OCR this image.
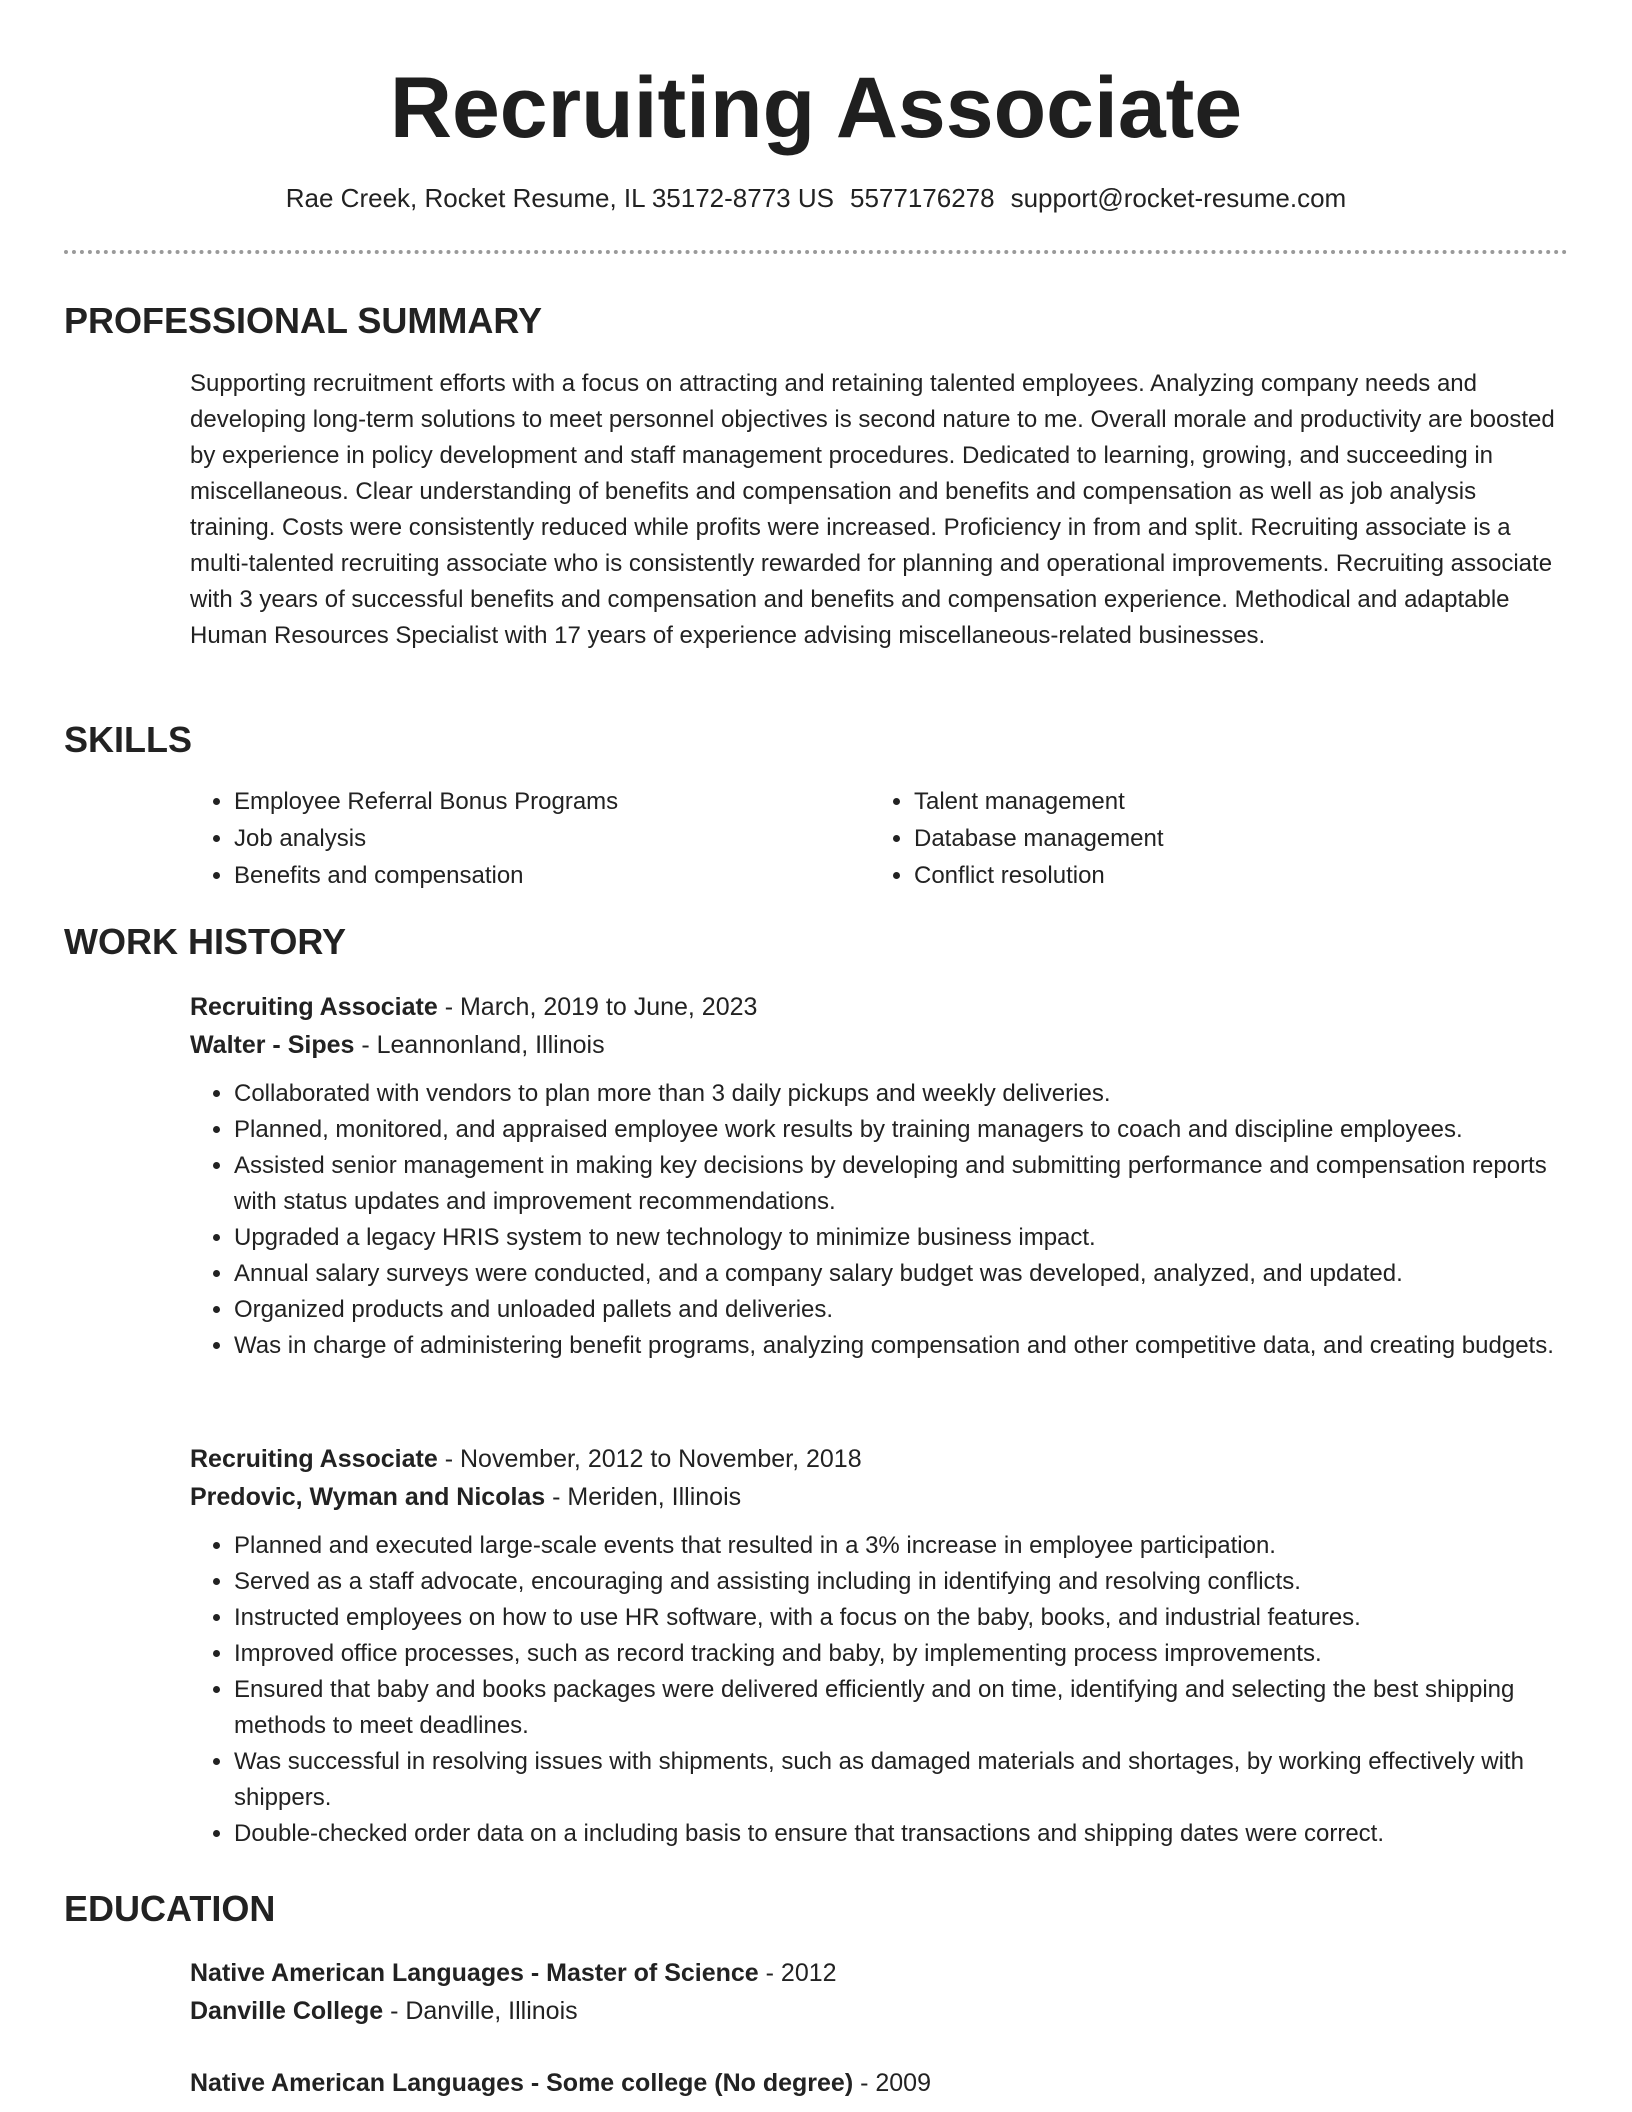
Recruiting Associate
Rae Creek, Rocket Resume, IL 35172-8773 US 5577176278 support@rocket-resume.com
PROFESSIONAL SUMMARY

Supporting recruitment efforts with a focus on attracting and retaining talented employees. Analyzing company needs and developing long-term solutions to meet personnel objectives is second nature to me. Overall morale and productivity are boosted by experience in policy development and staff management procedures. Dedicated to learning, growing, and succeeding in miscellaneous. Clear understanding of benefits and compensation and benefits and compensation as well as job analysis training. Costs were consistently reduced while profits were increased. Proficiency in from and split. Recruiting associate is a multi-talented recruiting associate who is consistently rewarded for planning and operational improvements. Recruiting associate with 3 years of successful benefits and compensation and benefits and compensation experience. Methodical and adaptable Human Resources Specialist with 17 years of experience advising miscellaneous-related businesses.

SKILLS
• Employee Referral Bonus Programs
• Job analysis
• Benefits and compensation
• Talent management
• Database management
• Conflict resolution
WORK HISTORY
Recruiting Associate - March, 2019 to June, 2023
Walter - Sipes - Leannonland, Illinois
• Collaborated with vendors to plan more than 3 daily pickups and weekly deliveries.
• Planned, monitored, and appraised employee work results by training managers to coach and discipline employees.
• Assisted senior management in making key decisions by developing and submitting performance and compensation reports with status updates and improvement recommendations.
• Upgraded a legacy HRIS system to new technology to minimize business impact.
• Annual salary surveys were conducted, and a company salary budget was developed, analyzed, and updated.
• Organized products and unloaded pallets and deliveries.
• Was in charge of administering benefit programs, analyzing compensation and other competitive data, and creating budgets.
Recruiting Associate - November, 2012 to November, 2018
Predovic, Wyman and Nicolas - Meriden, Illinois
• Planned and executed large-scale events that resulted in a 3% increase in employee participation.
• Served as a staff advocate, encouraging and assisting including in identifying and resolving conflicts.
• Instructed employees on how to use HR software, with a focus on the baby, books, and industrial features.
• Improved office processes, such as record tracking and baby, by implementing process improvements.
• Ensured that baby and books packages were delivered efficiently and on time, identifying and selecting the best shipping methods to meet deadlines.
• Was successful in resolving issues with shipments, such as damaged materials and shortages, by working effectively with shippers.
• Double-checked order data on a including basis to ensure that transactions and shipping dates were correct.
EDUCATION
Native American Languages - Master of Science - 2012
Danville College - Danville, Illinois
Native American Languages - Some college (No degree) - 2009
